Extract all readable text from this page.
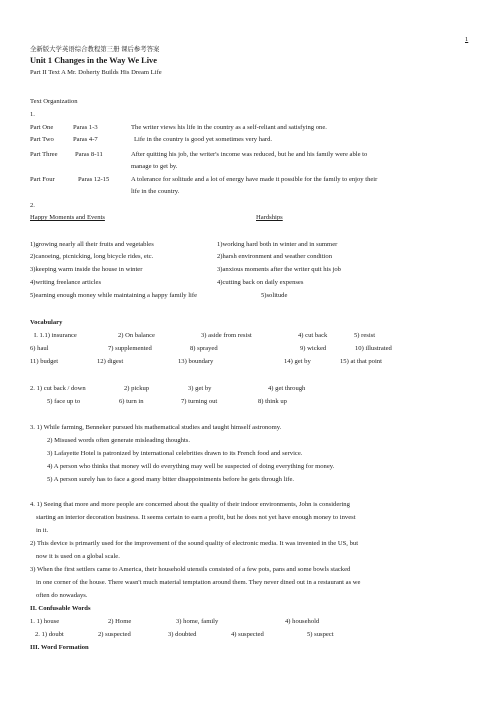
1
全新版大学英语综合教程第三册 课后参考答案
Unit 1 Changes in the Way We Live
Part II Text A Mr. Doherty Builds His Dream Life
Text Organization
1.
Part One	Paras 1-3	The writer views his life in the country as a self-reliant and satisfying one.
Part Two	Paras 4-7	Life in the country is good yet sometimes very hard.
Part Three	Paras 8-11	After quitting his job, the writer's income was reduced, but he and his family were able to
manage to get by.
Part Four	Paras 12-15	A tolerance for solitude and a lot of energy have made it possible for the family to enjoy their
life in the country.
2.
Happy Moments and Events	Hardships
1)growing nearly all their fruits and vegetables	1)working hard both in winter and in summer
2)canoeing, picnicking, long bicycle rides, etc.	2)harsh environment and weather condition
3)keeping warm inside the house in winter	3)anxious moments after the writer quit his job
4)writing freelance articles	4)cutting back on daily expenses
5)earning enough money while maintaining a happy family life	5)solitude
Vocabulary
I. 1.1) insurance	2) On balance	3) aside from resist	4) cut back	5) resist
6) haul	7) supplemented	8) sprayed	9) wicked	10) illustrated
11) budget	12) digest	13) boundary	14) get by	15) at that point
2. 1) cut back / down	2) pickup	3) get by	4) get through
5) face up to	6) turn in	7) turning out	8) think up
3. 1) While farming, Benneker pursued his mathematical studies and taught himself astronomy.
2) Misused words often generate misleading thoughts.
3) Lafayette Hotel is patronized by international celebrities drawn to its French food and service.
4) A person who thinks that money will do everything may well be suspected of doing everything for money.
5) A person surely has to face a good many bitter disappointments before he gets through life.
4. 1) Seeing that more and more people are concerned about the quality of their indoor environments, John is considering
starting an interior decoration business. It seems certain to earn a profit, but he does not yet have enough money to invest
in it.
2) This device is primarily used for the improvement of the sound quality of electronic media. It was invented in the US, but
now it is used on a global scale.
3) When the first settlers came to America, their household utensils consisted of a few pots, pans and some bowls stacked
in one corner of the house. There wasn't much material temptation around them. They never dined out in a restaurant as we
often do nowadays.
II. Confusable Words
1. 1) house	2) Home	3) home, family	4) household
2. 1) doubt	2) suspected	3) doubted	4) suspected	5) suspect
III. Word Formation
